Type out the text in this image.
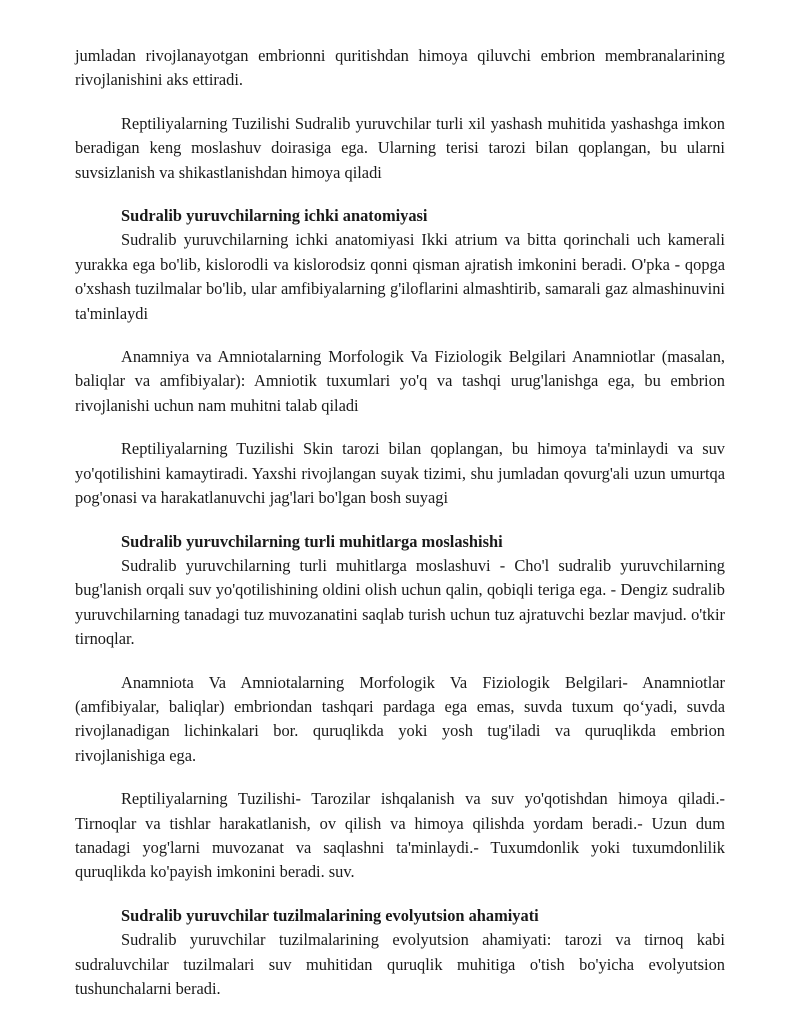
jumladan rivojlanayotgan embrionni quritishdan himoya qiluvchi embrion membranalarining rivojlanishini aks ettiradi.

Reptiliyalarning Tuzilishi Sudralib yuruvchilar turli xil yashash muhitida yashashga imkon beradigan keng moslashuv doirasiga ega. Ularning terisi tarozi bilan qoplangan, bu ularni suvsizlanish va shikastlanishdan himoya qiladi

Sudralib yuruvchilarning ichki anatomiyasi

Sudralib yuruvchilarning ichki anatomiyasi Ikki atrium va bitta qorinchali uch kamerali yurakka ega bo'lib, kislorodli va kislorodsiz qonni qisman ajratish imkonini beradi. O'pka - qopga o'xshash tuzilmalar bo'lib, ular amfibiyalarning g'iloflarini almashtirib, samarali gaz almashinuvini ta'minlaydi

Anamniya va Amniotalarning Morfologik Va Fiziologik Belgilari Anamniotlar (masalan, baliqlar va amfibiyalar): Amniotik tuxumlari yo'q va tashqi urug'lanishga ega, bu embrion rivojlanishi uchun nam muhitni talab qiladi

Reptiliyalarning Tuzilishi Skin tarozi bilan qoplangan, bu himoya ta'minlaydi va suv yo'qotilishini kamaytiradi. Yaxshi rivojlangan suyak tizimi, shu jumladan qovurg'ali uzun umurtqa pog'onasi va harakatlanuvchi jag'lari bo'lgan bosh suyagi

Sudralib yuruvchilarning turli muhitlarga moslashishi

Sudralib yuruvchilarning turli muhitlarga moslashuvi - Cho'l sudralib yuruvchilarning bug'lanish orqali suv yo'qotilishining oldini olish uchun qalin, qobiqli teriga ega. - Dengiz sudralib yuruvchilarning tanadagi tuz muvozanatini saqlab turish uchun tuz ajratuvchi bezlar mavjud. o'tkir tirnoqlar.

Anamniota Va Amniotalarning Morfologik Va Fiziologik Belgilari- Anamniotlar (amfibiyalar, baliqlar) embriondan tashqari pardaga ega emas, suvda tuxum qo‘yadi, suvda rivojlanadigan lichinkalari bor. quruqlikda yoki yosh tug'iladi va quruqlikda embrion rivojlanishiga ega.

Reptiliyalarning Tuzilishi- Tarozilar ishqalanish va suv yo'qotishdan himoya qiladi.- Tirnoqlar va tishlar harakatlanish, ov qilish va himoya qilishda yordam beradi.- Uzun dum tanadagi yog'larni muvozanat va saqlashni ta'minlaydi.- Tuxumdonlik yoki tuxumdonlilik quruqlikda ko'payish imkonini beradi. suv.

Sudralib yuruvchilar tuzilmalarining evolyutsion ahamiyati

Sudralib yuruvchilar tuzilmalarining evolyutsion ahamiyati: tarozi va tirnoq kabi sudraluvchilar tuzilmalari suv muhitidan quruqlik muhitiga o'tish bo'yicha evolyutsion tushunchalarni beradi.
